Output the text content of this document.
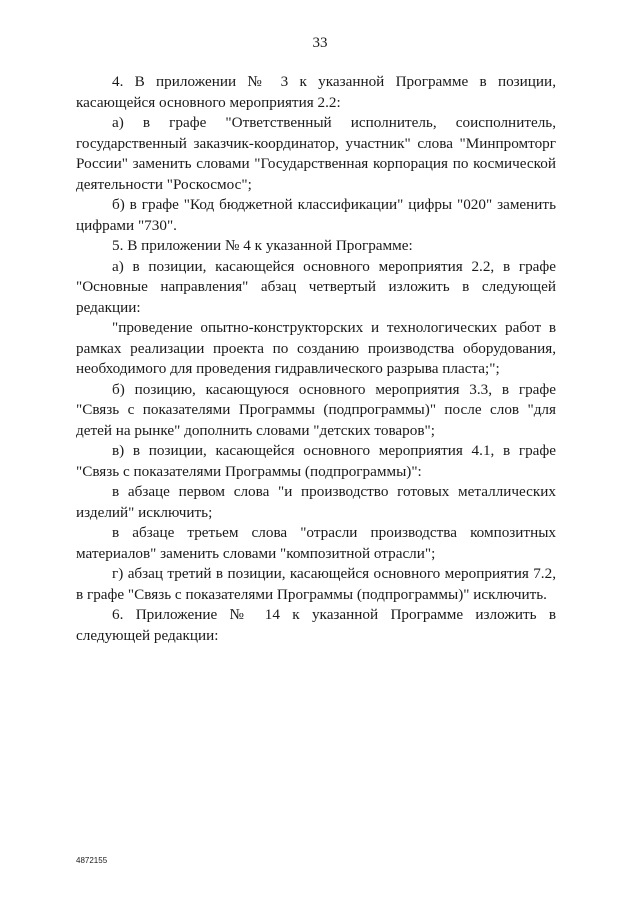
33

4. В приложении № 3 к указанной Программе в позиции, касающейся основного мероприятия 2.2:

а) в графе "Ответственный исполнитель, соисполнитель, государственный заказчик-координатор, участник" слова "Минпромторг России" заменить словами "Государственная корпорация по космической деятельности "Роскосмос";

б) в графе "Код бюджетной классификации" цифры "020" заменить цифрами "730".

5. В приложении № 4 к указанной Программе:

а) в позиции, касающейся основного мероприятия 2.2, в графе "Основные направления" абзац четвертый изложить в следующей редакции:

"проведение опытно-конструкторских и технологических работ в рамках реализации проекта по созданию производства оборудования, необходимого для проведения гидравлического разрыва пласта;";

б) позицию, касающуюся основного мероприятия 3.3, в графе "Связь с показателями Программы (подпрограммы)" после слов "для детей на рынке" дополнить словами "детских товаров";

в) в позиции, касающейся основного мероприятия 4.1, в графе "Связь с показателями Программы (подпрограммы)":

в абзаце первом слова "и производство готовых металлических изделий" исключить;

в абзаце третьем слова "отрасли производства композитных материалов" заменить словами "композитной отрасли";

г) абзац третий в позиции, касающейся основного мероприятия 7.2, в графе "Связь с показателями Программы (подпрограммы)" исключить.

6. Приложение № 14 к указанной Программе изложить в следующей редакции:

4872155
